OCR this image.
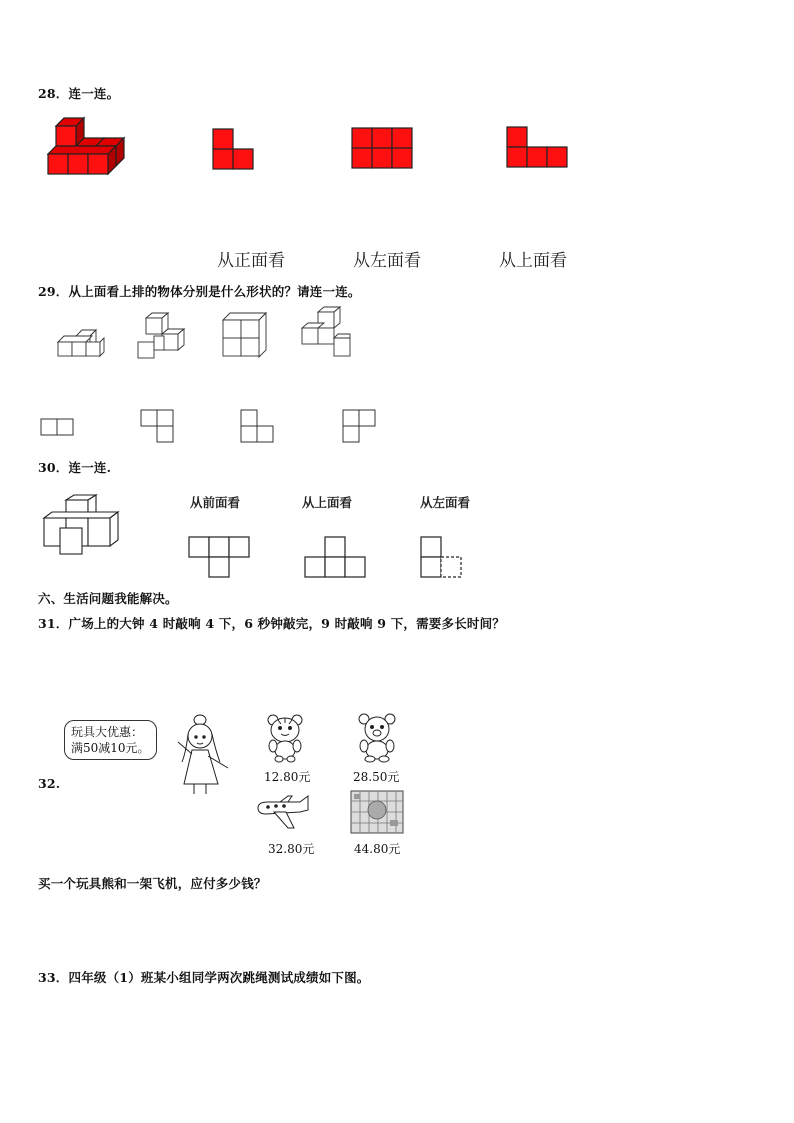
28．连一连。
从正面看	从左面看	从上面看
29．从上面看上排的物体分别是什么形状的？请连一连。
30．连一连.
从前面看	从上面看	从左面看
六、生活问题我能解决。
31．广场上的大钟 4 时敲响 4 下，6 秒钟敲完，9 时敲响 9 下，需要多长时间？
32.
玩具大优惠：
满50减10元。
12.80元	28.50元
32.80元	44.80元
买一个玩具熊和一架飞机，应付多少钱？
33．四年级（1）班某小组同学两次跳绳测试成绩如下图。
